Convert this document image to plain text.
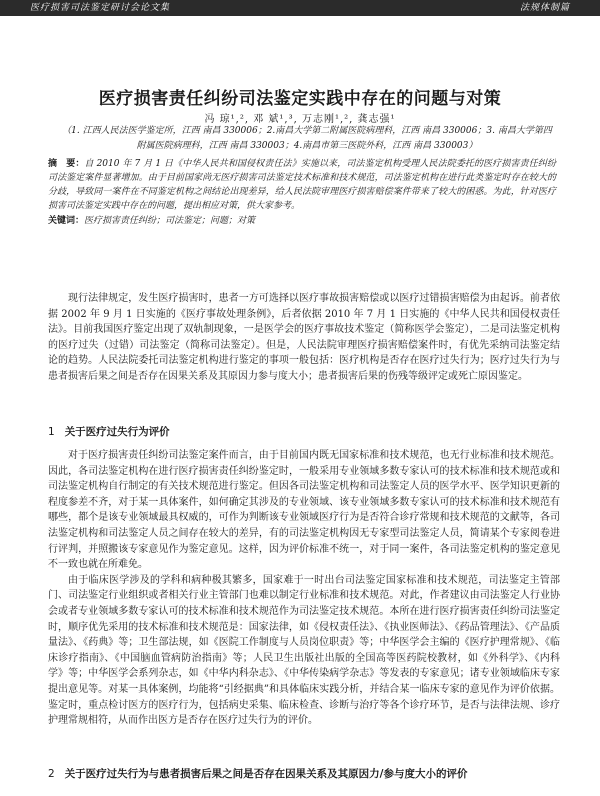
医疗损害司法鉴定研讨会论文集	法规体制篇
医疗损害责任纠纷司法鉴定实践中存在的问题与对策
冯 琼¹,², 邓 斌¹,³, 万志刚¹,², 龚志强¹
（1. 江西人民法医学鉴定所，江西 南昌 330006；2.南昌大学第二附属医院病理科，江西 南昌 330006；3. 南昌大学第四附属医院病理科，江西 南昌 330003；4.南昌市第三医院外科，江西 南昌 330003）
摘　要：自 2010 年 7 月 1 日《中华人民共和国侵权责任法》实施以来，司法鉴定机构受理人民法院委托的医疗损害责任纠纷司法鉴定案件显著增加。由于目前国家尚无医疗损害司法鉴定技术标准和技术规范，司法鉴定机构在进行此类鉴定时存在较大的分歧，导致同一案件在不同鉴定机构之间结论出现差异，给人民法院审理医疗损害赔偿案件带来了较大的困惑。为此，针对医疗损害司法鉴定实践中存在的问题，提出相应对策，供大家参考。
关键词：医疗损害责任纠纷；司法鉴定；问题；对策

现行法律规定，发生医疗损害时，患者一方可选择以医疗事故损害赔偿或以医疗过错损害赔偿为由起诉。前者依据 2002 年 9 月 1 日实施的《医疗事故处理条例》，后者依据 2010 年 7 月 1 日实施的《中华人民共和国侵权责任法》。目前我国医疗鉴定出现了双轨制现象，一是医学会的医疗事故技术鉴定（简称医学会鉴定），二是司法鉴定机构的医疗过失（过错）司法鉴定（简称司法鉴定）。但是，人民法院审理医疗损害赔偿案件时，有优先采纳司法鉴定结论的趋势。人民法院委托司法鉴定机构进行鉴定的事项一般包括：医疗机构是否存在医疗过失行为；医疗过失行为与患者损害后果之间是否存在因果关系及其原因力参与度大小；患者损害后果的伤残等级评定或死亡原因鉴定。

1 关于医疗过失行为评价

对于医疗损害责任纠纷司法鉴定案件而言，由于目前国内既无国家标准和技术规范，也无行业标准和技术规范。因此，各司法鉴定机构在进行医疗损害责任纠纷鉴定时，一般采用专业领域多数专家认可的技术标准和技术规范或和司法鉴定机构自行制定的有关技术规范进行鉴定。但因各司法鉴定机构和司法鉴定人员的医学水平、医学知识更新的程度参差不齐，对于某一具体案件，如何确定其涉及的专业领域、该专业领域多数专家认可的技术标准和技术规范有哪些，都个是该专业领域最具权威的，可作为判断该专业领域医疗行为是否符合诊疗常规和技术规范的文献等，各司法鉴定机构和司法鉴定人员之间存在较大的差异，有的司法鉴定机构因无专家型司法鉴定人员，简请某个专家阅卷进行评判，并照搬该专家意见作为鉴定意见。这样，因为评价标准不统一，对于同一案件，各司法鉴定机构的鉴定意见不一致也就在所难免。

由于临床医学涉及的学科和病种极其繁多，国家难于一时出台司法鉴定国家标准和技术规范，司法鉴定主管部门、司法鉴定行业组织或者相关行业主管部门也难以制定行业标准和技术规范。对此，作者建议由司法鉴定人行业协会或者专业领域多数专家认可的技术标准和技术规范作为司法鉴定技术规范。本所在进行医疗损害责任纠纷司法鉴定时，顺序优先采用的技术标准和技术规范是：国家法律，如《侵权责任法》、《执业医师法》、《药品管理法》、《产品质量法》、《药典》等；卫生部法规，如《医院工作制度与人员岗位职责》等；中华医学会主编的《医疗护理常规》、《临床诊疗指南》、《中国脑血管病防治指南》等；人民卫生出版社出版的全国高等医药院校教材，如《外科学》、《内科学》等；中华医学会系列杂志，如《中华内科杂志》、《中华传染病学杂志》等发表的专家意见；诸专业领域临床专家提出意见等。对某一具体案例，均能将“引经据典”和具体临床实践分析，并结合某一临床专家的意见作为评价依据。鉴定时，重点检讨医方的医疗行为，包括病史采集、临床检查、诊断与治疗等各个诊疗环节，是否与法律法规、诊疗护理常规相符，从而作出医方是否存在医疗过失行为的评价。

2 关于医疗过失行为与患者损害后果之间是否存在因果关系及其原因力/参与度大小的评价
